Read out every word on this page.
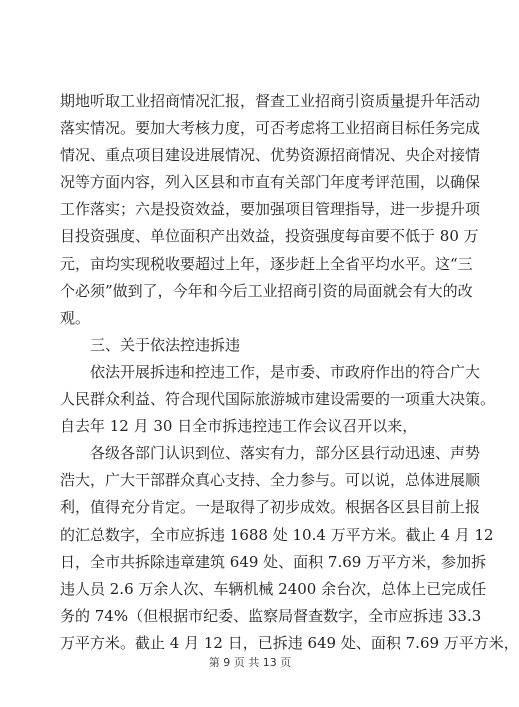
期地听取工业招商情况汇报，督查工业招商引资质量提升年活动
落实情况。要加大考核力度，可否考虑将工业招商目标任务完成
情况、重点项目建设进展情况、优势资源招商情况、央企对接情
况等方面内容，列入区县和市直有关部门年度考评范围，以确保
工作落实；六是投资效益，要加强项目管理指导，进一步提升项
目投资强度、单位面积产出效益，投资强度每亩要不低于 80 万
元，亩均实现税收要超过上年，逐步赶上全省平均水平。这“三
个必须”做到了，今年和今后工业招商引资的局面就会有大的改
观。
　　三、关于依法控违拆违
　　依法开展拆违和控违工作，是市委、市政府作出的符合广大
人民群众利益、符合现代国际旅游城市建设需要的一项重大决策。
自去年 12 月 30 日全市拆违控违工作会议召开以来，
　　各级各部门认识到位、落实有力，部分区县行动迅速、声势
浩大，广大干部群众真心支持、全力参与。可以说，总体进展顺
利，值得充分肯定。一是取得了初步成效。根据各区县目前上报
的汇总数字，全市应拆违 1688 处 10.4 万平方米。截止 4 月 12
日，全市共拆除违章建筑 649 处、面积 7.69 万平方米，参加拆
违人员 2.6 万余人次、车辆机械 2400 余台次，总体上已完成任
务的 74%（但根据市纪委、监察局督查数字，全市应拆违 33.3
万平方米。截止 4 月 12 日，已拆违 649 处、面积 7.69 万平方米，
第 9 页 共 13 页
